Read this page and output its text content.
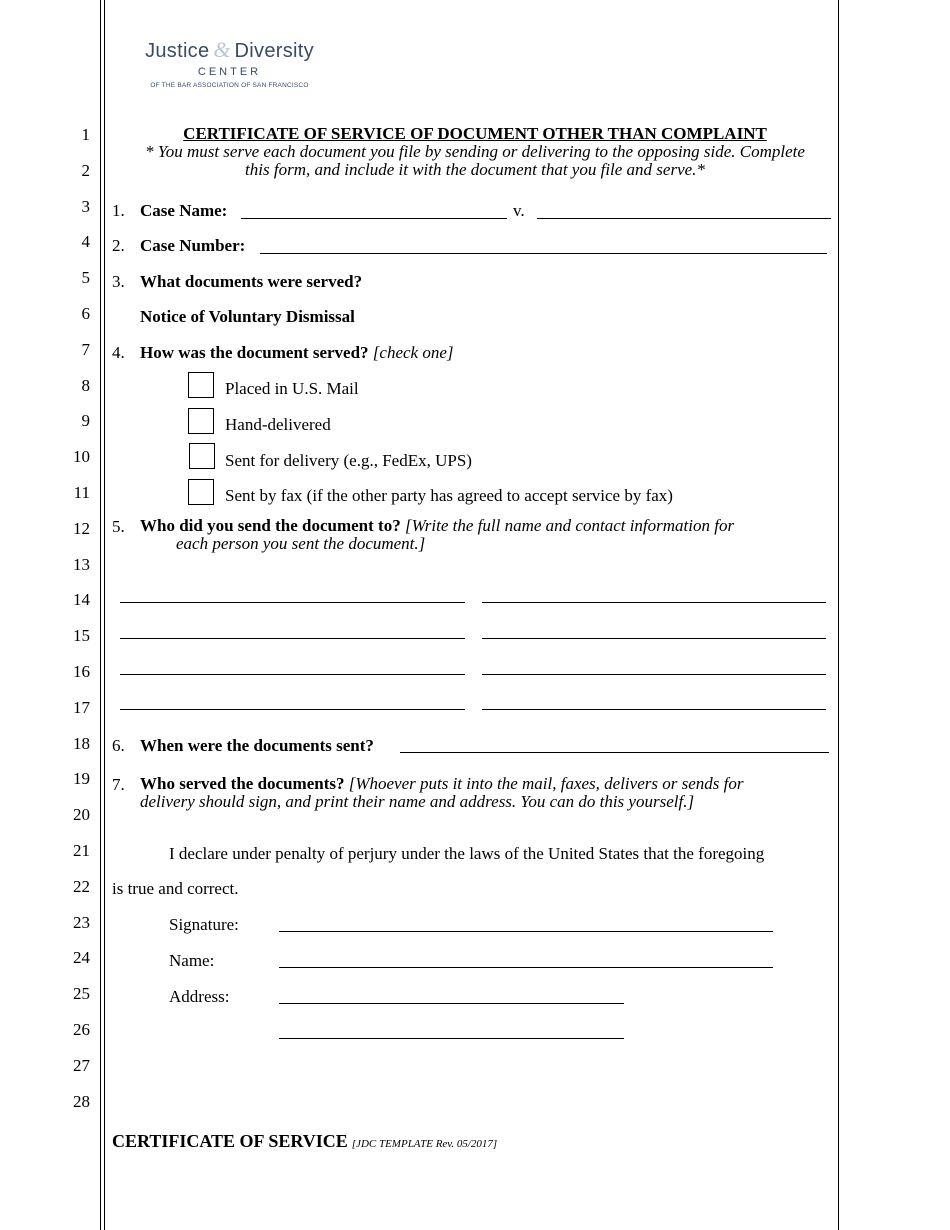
Justice & Diversity
CENTER
OF THE BAR ASSOCIATION OF SAN FRANCISCO
1
2
3
4
5
6
7
8
9
10
11
12
13
14
15
16
17
18
19
20
21
22
23
24
25
26
27
28
CERTIFICATE OF SERVICE OF DOCUMENT OTHER THAN COMPLAINT
* You must serve each document you file by sending or delivering to the opposing side. Complete
this form, and include it with the document that you file and serve.*
1. Case Name:	v.
2. Case Number:
3. What documents were served?
Notice of Voluntary Dismissal
4. How was the document served? [check one]
Placed in U.S. Mail
Hand-delivered
Sent for delivery (e.g., FedEx, UPS)
Sent by fax (if the other party has agreed to accept service by fax)
5. Who did you send the document to? [Write the full name and contact information for
each person you sent the document.]
6. When were the documents sent?
7. Who served the documents? [Whoever puts it into the mail, faxes, delivers or sends for
delivery should sign, and print their name and address. You can do this yourself.]
I declare under penalty of perjury under the laws of the United States that the foregoing
is true and correct.
Signature:
Name:
Address:
CERTIFICATE OF SERVICE [JDC TEMPLATE Rev. 05/2017]
